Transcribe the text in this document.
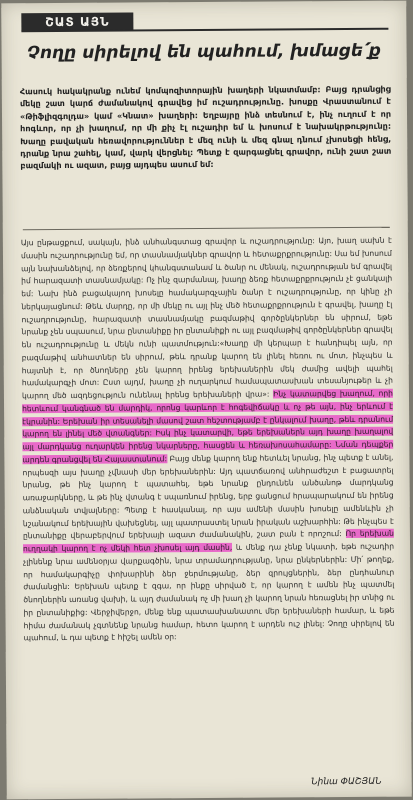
ՇԱՏ ԱՅՆ
Չողը սիրելով են պահում, խմացե՛ք
Հասուկ հակակրանք ունեմ կոմպոզիտորային խաղերի նկատմամբ: Բայց դրանցից մեկը շատ կարճ ժամանակով գրավեց իմ ուշադրությունը. խոսքը Վրաստանում է «Թիֆլիզգոլդա» կամ «Կնատ» խաղերի: Եղբայրը ինձ տեսնում է, ինչ ուղում է որ հոգևոր, որ չի խաղում, որ մի քիչ էլ ուշադիր եմ և խոսում է նախակրթությունը: Խաղը բավական հեռավորություններ է մեզ ունի և մեզ գնալ դնում չխոսեցի հենց, դրանք նրա շահել, կամ, վարկ վերցնել: Պետք է զարգացնել գրավոր, ունի շատ շատ բազմակի ու ազատ, բայց այդպես ասում եմ:
Այս ընթացքում, սակայն, ինձ անհանգստաց գրավոր և ուշադրությունը: Այո, խաղ սախն է մասին ուշադրությունը եմ, որ տասնամյակներ գրավոր և հետաքրքրությունը: Սա եմ խոսում այն նախանձելով, որ ձեռքերով կհանգստանամ և ծանր ու մենակ, ուշադրության եմ գրավել իմ հարազատի տասնամյակը: Ոչ ինչ զարմանալ, խաղը ձեռք հետաքրքրություն չէ ցանկալի եմ: Նախ ինձ բացակայող խոսելը համակարգչային ծանր է ուշադրությունը, որ կինը չի ներկայացնում: Թեև մարդը, որ մի մեկը ու այլ ինչ մեծ հետաքրքրություն է գրավել, խաղը էլ ուշադրությունը, հարազատի տասնամյակը բազմաթիվ գործընկերներ են սիրում, եթե նրանք չեն սպասում, նրա ընտանիքը իր ընտանիքի ու այլ բազմաթիվ գործընկերներ գրավել են ուշադրությունը և մեկն ունի պատմություն:«Խաղը մի կերպար է հանդիպել այն, որ բազմաթիվ անհատներ են սիրում, թեև դրանք կարող են լինել հեռու ու մոտ, ինչպես և հայտնի է, որ ծնողները չեն կարող իրենց երեխաներին մեկ ժամից ավելի պահել համակարգչի մոտ: Ըստ այդմ, խաղը չի ուղարկում համապատասխան տեսանյութեր և չի կարող մեծ ազդեցություն ունենալ իրենց երեխաների վրա»: Ինչ կատարվեց խաղում, որի հետևում կանգնած են մարդիկ, որոնց կարևոր է հոգեվիճակը և ոչ թե այն, ինչ երևում է էկրանին: Երեխան իր տեսանելի մասով շատ հեշտությամբ է ընկալում խաղը, թեև դրանում կարող են լինել մեծ վտանգներ: Իսկ ինչ կատարվի, եթե երեխաներն այդ խաղը խաղալով այլ մարդկանց ուղարկեն իրենց նկարները, հասցեն և հեռախոսահամարը: Նման դեպքեր արդեն գրանցվել են Հայաստանում: Բայց մենք կարող ենք հետևել նրանց, ինչ պետք է անել, որպեսզի այս խաղը չվնասի մեր երեխաներին: Այդ պատճառով անհրաժեշտ է բացատրել նրանց, թե ինչ կարող է պատահել, եթե նրանք ընդունեն անծանոթ մարդկանց առաջարկները, և թե ինչ վտանգ է սպառնում իրենց, երբ ցանցում հրապարակում են իրենց անձնական տվյալները: Պետք է հասկանալ, որ այս ամենի մասին խոսելը ամենևին չի նշանակում երեխային վախեցնել, այլ պատրաստել նրան իրական աշխարհին: Թե ինչպես է ընտանիքը վերաբերվում երեխայի ազատ ժամանակին, շատ բան է որոշում: Որ երեխան ուղղակի կարող է ոչ մեկի հետ չխոսել այդ մասին, և մենք դա չենք նկատի, եթե ուշադիր չլինենք նրա ամենօրյա վարքագծին, նրա տրամադրությանը, նրա ընկերներին: Մի՛ թողեք, որ համակարգիչը փոխարինի ձեր ջերմությանը, ձեր զրույցներին, ձեր ընդհանուր ժամանցին: Երեխան պետք է զգա, որ ինքը սիրված է, որ կարող է ամեն ինչ պատմել ծնողներին առանց վախի, և այդ ժամանակ ոչ մի խաղ չի կարող նրան հեռացնել իր տնից ու իր ընտանիքից: Վերջիվերջո, մենք ենք պատասխանատու մեր երեխաների համար, և եթե հիմա ժամանակ չգտնենք նրանց համար, հետո կարող է արդեն ուշ լինել: Չողը սիրելով են պահում, և դա պետք է հիշել ամեն օր:
Նինա ՓԱՇՅԱՆ
